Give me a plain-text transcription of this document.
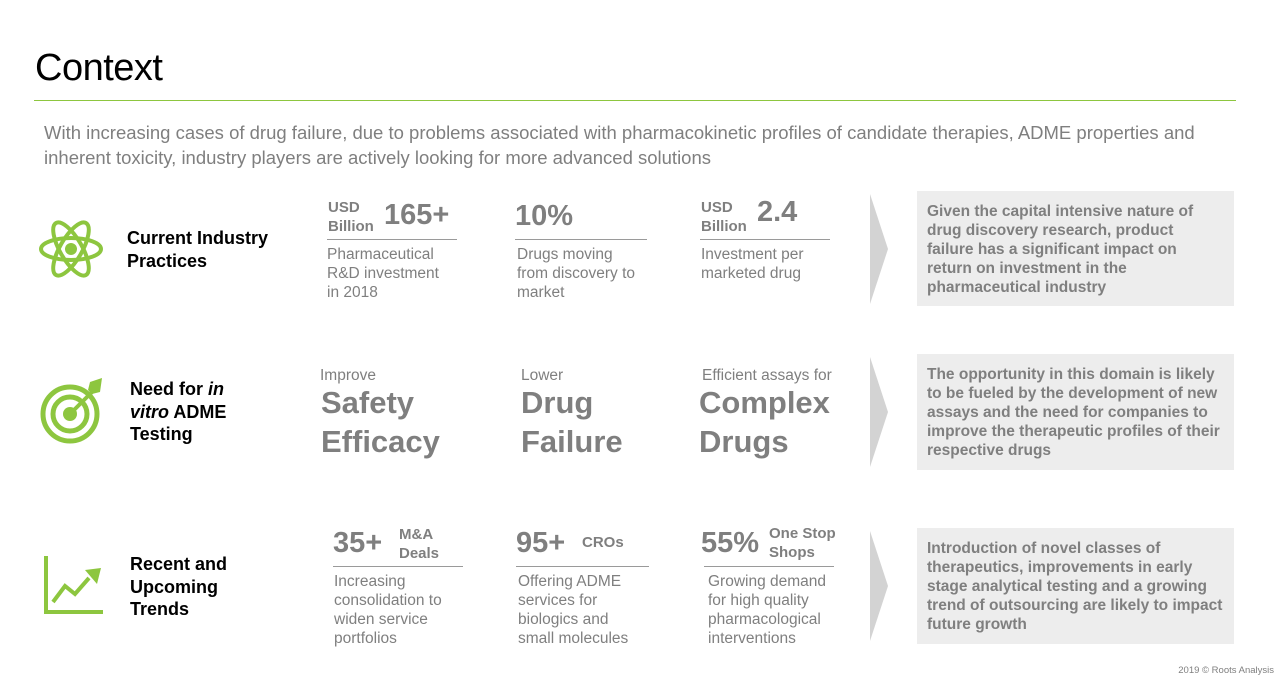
Context
With increasing cases of drug failure, due to problems associated with pharmacokinetic profiles of candidate therapies, ADME properties and inherent toxicity, industry players are actively looking for more advanced solutions
Current Industry
Practices
USD
Billion 165+
Pharmaceutical
R&D investment
in 2018
10%
Drugs moving
from discovery to
market
USD
Billion 2.4
Investment per
marketed drug
Given the capital intensive nature of drug discovery research, product failure has a significant impact on return on investment in the pharmaceutical industry
Need for in
vitro ADME
Testing
Improve
Safety
Efficacy
Lower
Drug
Failure
Efficient assays for
Complex
Drugs
The opportunity in this domain is likely to be fueled by the development of new assays and the need for companies to improve the therapeutic profiles of their respective drugs
Recent and
Upcoming
Trends
35+ M&A
Deals
Increasing
consolidation to
widen service
portfolios
95+ CROs
Offering ADME
services for
biologics and
small molecules
55% One Stop
Shops
Growing demand
for high quality
pharmacological
interventions
Introduction of novel classes of therapeutics, improvements in early stage analytical testing and a growing trend of outsourcing are likely to impact future growth
2019 © Roots Analysis
